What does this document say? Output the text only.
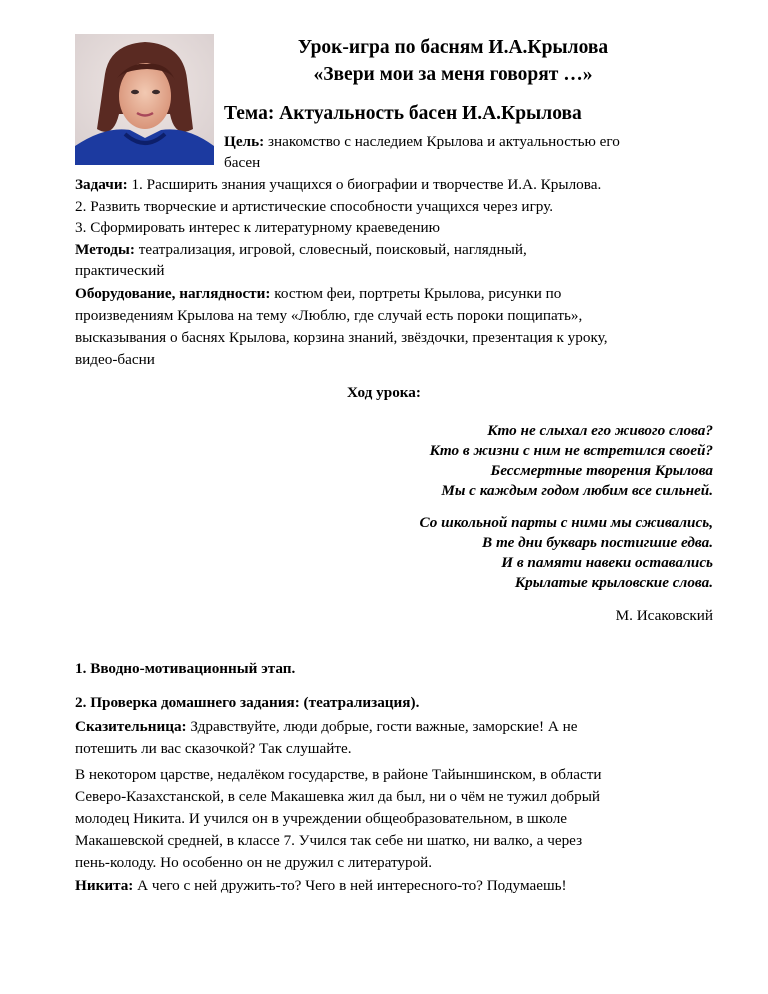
Урок-игра по басням И.А.Крылова
«Звери мои за меня говорят …»
Тема: Актуальность басен И.А.Крылова
Цель: знакомство с наследием Крылова и актуальностью его
басен
Задачи: 1. Расширить знания учащихся о биографии и творчестве И.А. Крылова.
2. Развить творческие и артистические способности учащихся через игру.
3. Сформировать интерес к литературному краеведению
Методы: театрализация, игровой, словесный, поисковый, наглядный,
практический
Оборудование, наглядности: костюм феи, портреты Крылова, рисунки по
произведениям Крылова на тему «Люблю, где случай есть пороки пощипать»,
высказывания о баснях Крылова, корзина знаний, звёздочки, презентация к уроку,
видео-басни
Ход урока:
Кто не слыхал его живого слова?
Кто в жизни с ним не встретился своей?
Бессмертные творения Крылова
Мы с каждым годом любим все сильней.
Со школьной парты с ними мы сживались,
В те дни букварь постигшие едва.
И в памяти навеки оставались
Крылатые крыловские слова.
М. Исаковский
1. Вводно-мотивационный этап.
2. Проверка домашнего задания: (театрализация).
Сказительница: Здравствуйте, люди добрые, гости важные, заморские! А не
потешить ли вас сказочкой? Так слушайте.
В некотором царстве, недалёком государстве, в районе Тайыншинском, в области
Северо-Казахстанской, в селе Макашевка жил да был, ни о чём не тужил добрый
молодец Никита. И учился он в учреждении общеобразовательном, в школе
Макашевской средней, в классе 7. Учился так себе ни шатко, ни валко, а через
пень-колоду. Но особенно он не дружил с литературой.
Никита: А чего с ней дружить-то? Чего в ней интересного-то? Подумаешь!
